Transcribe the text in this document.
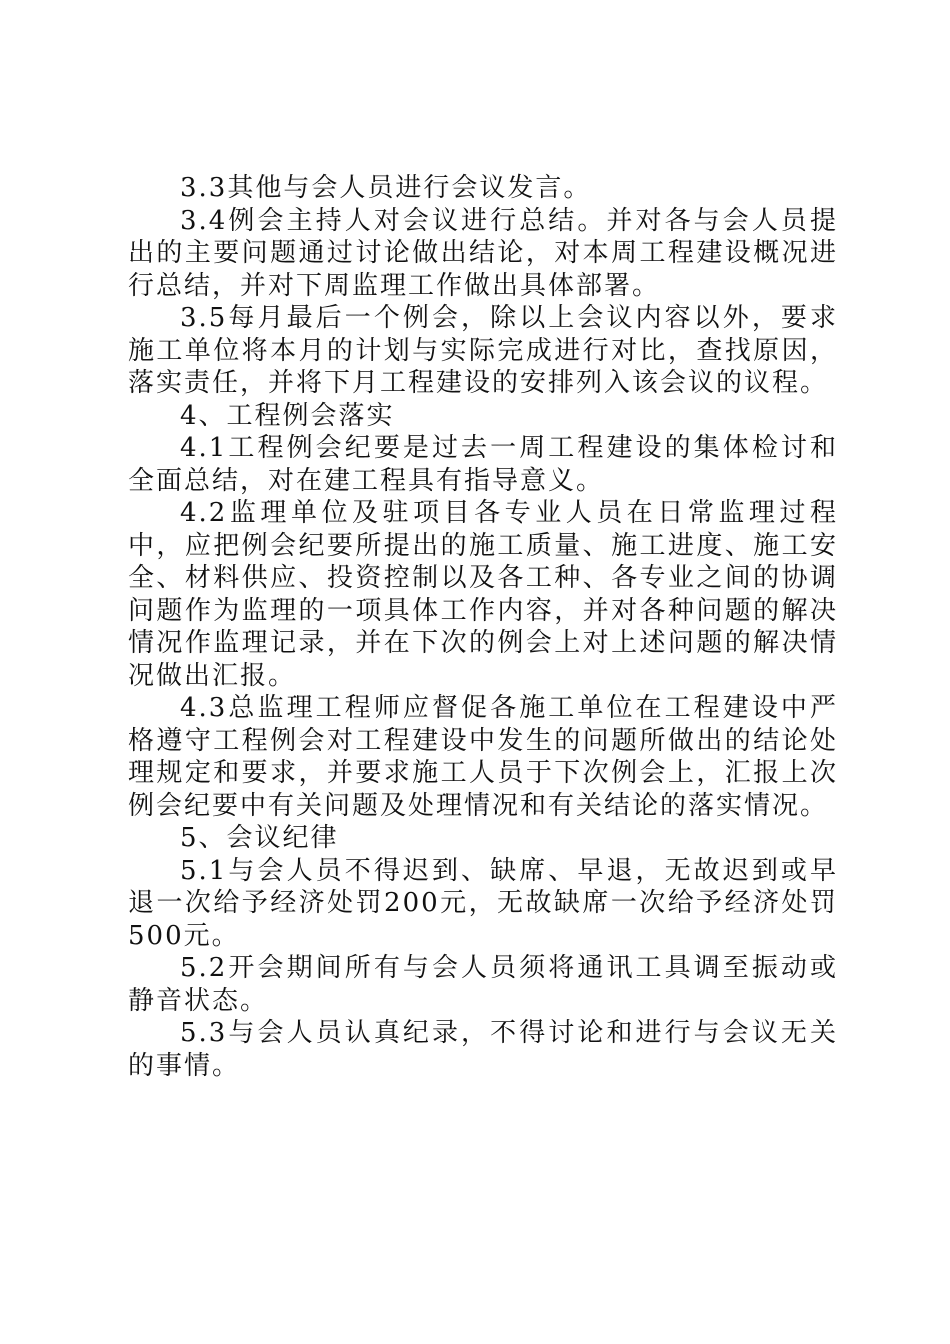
3.3其他与会人员进行会议发言。

3.4例会主持人对会议进行总结。并对各与会人员提出的主要问题通过讨论做出结论，对本周工程建设概况进行总结，并对下周监理工作做出具体部署。

3.5每月最后一个例会，除以上会议内容以外，要求施工单位将本月的计划与实际完成进行对比，查找原因，落实责任，并将下月工程建设的安排列入该会议的议程。

4、工程例会落实

4.1工程例会纪要是过去一周工程建设的集体检讨和全面总结，对在建工程具有指导意义。

4.2监理单位及驻项目各专业人员在日常监理过程中，应把例会纪要所提出的施工质量、施工进度、施工安全、材料供应、投资控制以及各工种、各专业之间的协调问题作为监理的一项具体工作内容，并对各种问题的解决情况作监理记录，并在下次的例会上对上述问题的解决情况做出汇报。

4.3总监理工程师应督促各施工单位在工程建设中严格遵守工程例会对工程建设中发生的问题所做出的结论处理规定和要求，并要求施工人员于下次例会上，汇报上次例会纪要中有关问题及处理情况和有关结论的落实情况。

5、会议纪律

5.1与会人员不得迟到、缺席、早退，无故迟到或早退一次给予经济处罚200元，无故缺席一次给予经济处罚500元。

5.2开会期间所有与会人员须将通讯工具调至振动或静音状态。

5.3与会人员认真纪录，不得讨论和进行与会议无关的事情。
